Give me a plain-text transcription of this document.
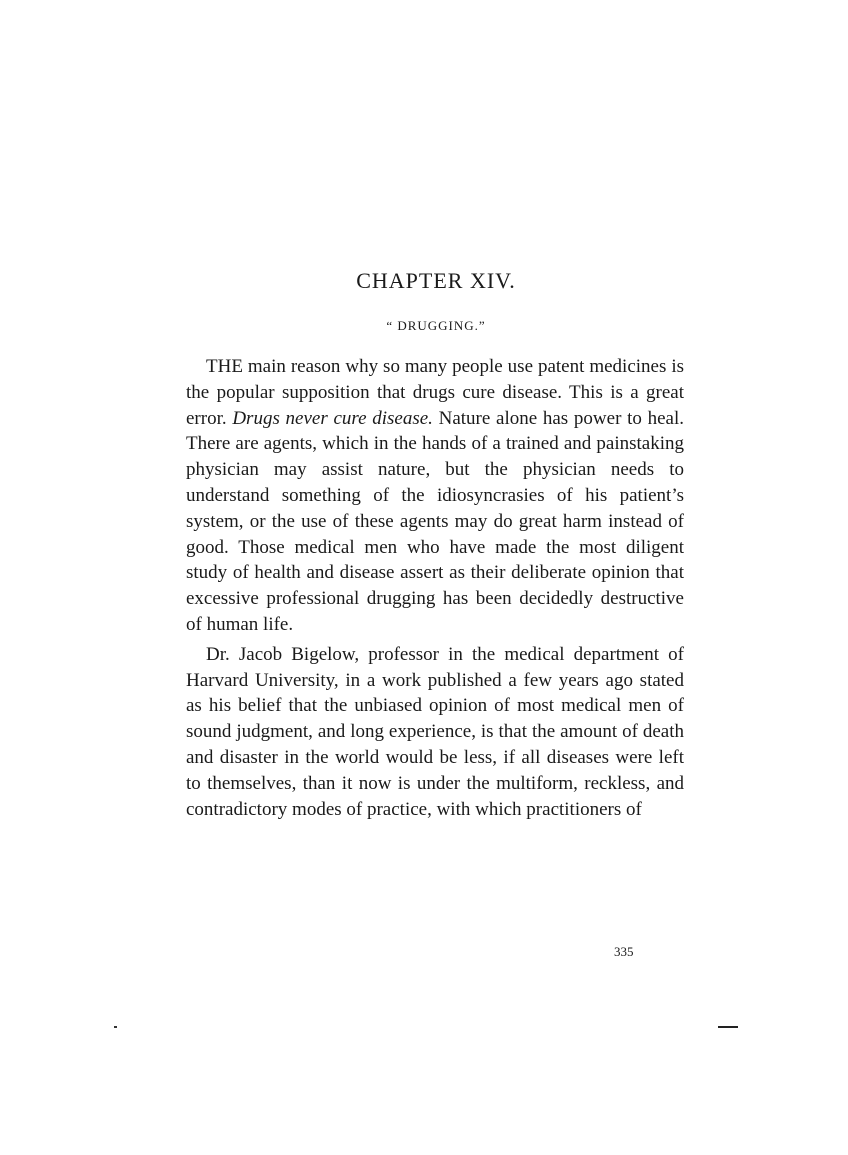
CHAPTER XIV.
“ DRUGGING.”

THE main reason why so many people use patent medicines is the popular supposition that drugs cure disease. This is a great error. Drugs never cure disease. Nature alone has power to heal. There are agents, which in the hands of a trained and painstaking physician may assist nature, but the physician needs to understand something of the idiosyncrasies of his patient’s system, or the use of these agents may do great harm instead of good. Those medical men who have made the most diligent study of health and disease assert as their deliberate opinion that excessive professional drugging has been decidedly destructive of human life.

Dr. Jacob Bigelow, professor in the medical department of Harvard University, in a work published a few years ago stated as his belief that the unbiased opinion of most medical men of sound judgment, and long experience, is that the amount of death and disaster in the world would be less, if all diseases were left to themselves, than it now is under the multiform, reckless, and contradictory modes of practice, with which practitioners of

335
